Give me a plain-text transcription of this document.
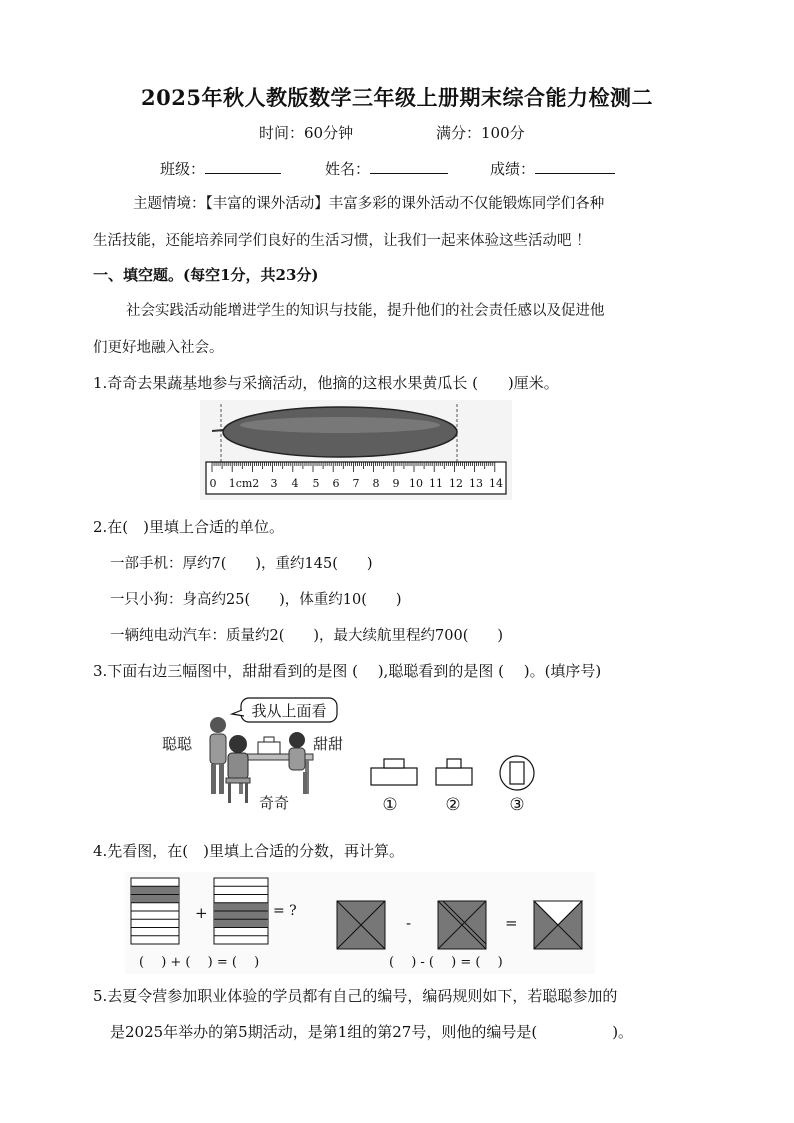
2025年秋人教版数学三年级上册期末综合能力检测二
时间：60分钟	满分：100分
班级：	姓名：	成绩：
主题情境：【丰富的课外活动】丰富多彩的课外活动不仅能锻炼同学们各种
生活技能，还能培养同学们良好的生活习惯，让我们一起来体验这些活动吧 ！
一、填空题。(每空1分，共23分)
社会实践活动能增进学生的知识与技能，提升他们的社会责任感以及促进他
们更好地融入社会。
1.奇奇去果蔬基地参与采摘活动，他摘的这根水果黄瓜长 (　　)厘米。
0 1cm2 3 4 5 6 7 8 9 10 11 12 13 14
2.在(　)里填上合适的单位。
一部手机：厚约7(　　)，重约145(　　)
一只小狗：身高约25(　　)，体重约10(　　)
一辆纯电动汽车：质量约2(　　)，最大续航里程约700(　　)
3.下面右边三幅图中，甜甜看到的是图 (　 ),聪聪看到的是图 (　 )。(填序号)
我从上面看
聪聪	甜甜
奇奇	①	②	③
4.先看图，在(　)里填上合适的分数，再计算。
+	= ?
-	=
(　 ) + (　 ) = (　 )	(　 ) - (　 ) = (　 )
5.去夏令营参加职业体验的学员都有自己的编号，编码规则如下，若聪聪参加的
是2025年举办的第5期活动，是第1组的第27号，则他的编号是(　　　　　)。
